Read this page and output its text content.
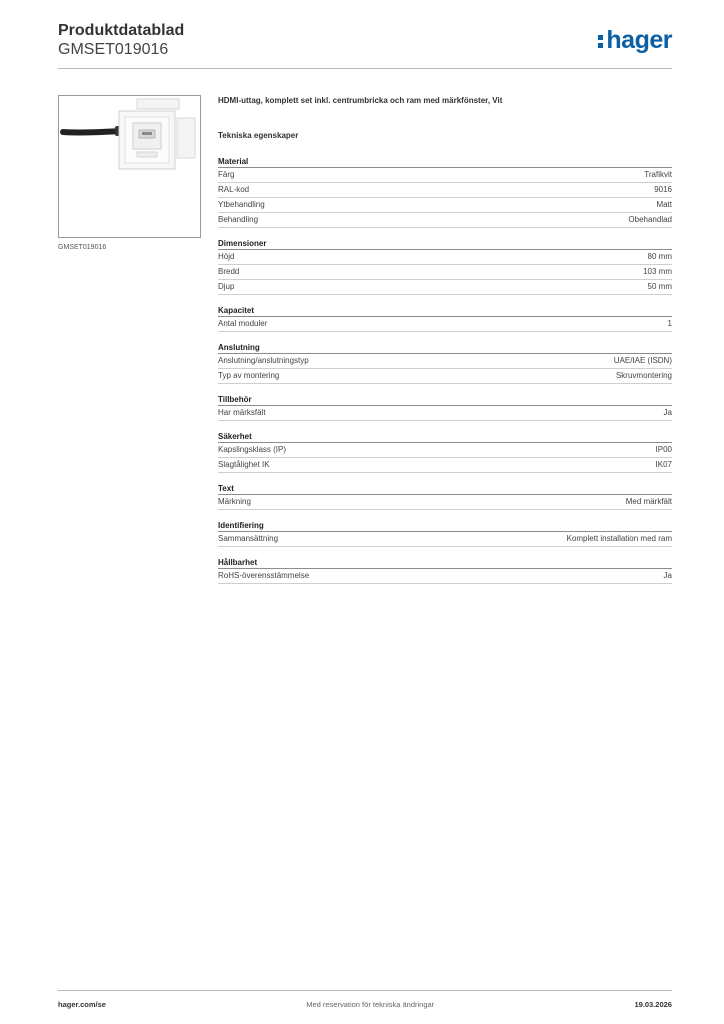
Produktdatablad
GMSET019016	hager
GMSET019016
HDMI-uttag, komplett set inkl. centrumbricka och ram med märkfönster, Vit
Tekniska egenskaper
Material
Färg	Trafikvit
RAL-kod	9016
Ytbehandling	Matt
Behandling	Obehandlad
Dimensioner
Höjd	80 mm
Bredd	103 mm
Djup	50 mm
Kapacitet
Antal moduler	1
Anslutning
Anslutning/anslutningstyp	UAE/IAE (ISDN)
Typ av montering	Skruvmontering
Tillbehör
Har märksfält	Ja
Säkerhet
Kapslingsklass (IP)	IP00
Slagtålighet IK	IK07
Text
Märkning	Med märkfält
Identifiering
Sammansättning	Komplett installation med ram
Hållbarhet
RoHS-överensstämmelse	Ja
hager.com/se	Med reservation för tekniska ändringar	19.03.2026
